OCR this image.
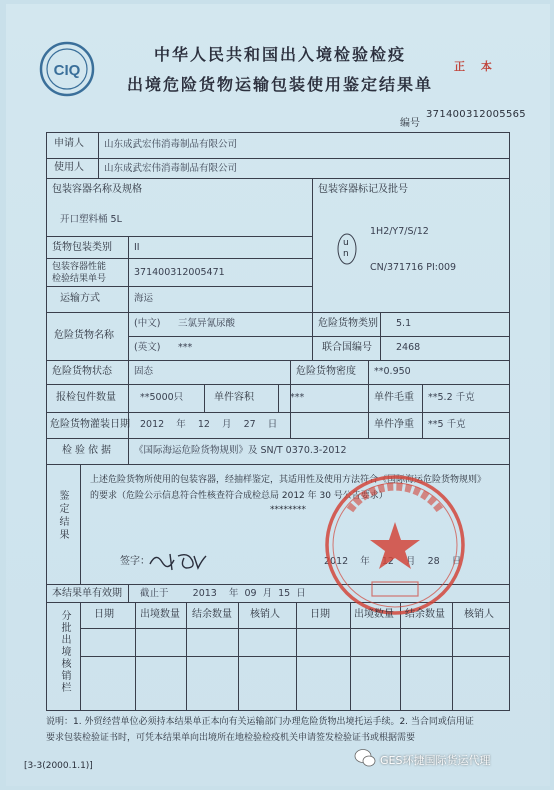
CIQ
中华人民共和国出入境检验检疫
出境危险货物运输包装使用鉴定结果单
正 本
编号
371400312005565
申请人 山东成武宏伟消毒制品有限公司
使用人 山东成武宏伟消毒制品有限公司
包装容器名称及规格
开口塑料桶 5L
包装容器标记及批号
1H2/Y7/S/12
CN/371716 PI:009
u n
货物包装类别 II
包装容器性能
检验结果单号
371400312005471
运输方式	海运
危险货物名称
(中文) 三氯异氰尿酸
(英文) ***
危险货物类别 5.1
联合国编号	2468
危险货物状态 固态	危险货物密度 **0.950
报检包件数量	**5000只	单件容积	***	单件毛重 **5.2 千克
危险货物灌装日期 2012    年    12    月    27    日	单件净重 **5 千克
检验依据 《国际海运危险货物规则》及 SN/T 0370.3-2012
鉴定结果
上述危险货物所使用的包装容器，经抽样鉴定，其适用性及使用方法符合《国际海运危险货物规则》
的要求（危险公示信息符合性核查符合成检总局 2012 年 30 号公告要求）
********
签字：	2012    年    12    月    28    日
本结果单有效期 截止于        2013    年  09  月  15  日
分批出境核销栏 日期	出境数量 结余数量 核销人	日期 出境数量 结余数量 核销人
说明：1. 外贸经营单位必须持本结果单正本向有关运输部门办理危险货物出境托运手续。2. 当合同或信用证
要求包装检验证书时，可凭本结果单向出境所在地检验检疫机关申请签发检验证书或根据需要
[3-3(2000.1.1)]	GES环捷国际货运代理
